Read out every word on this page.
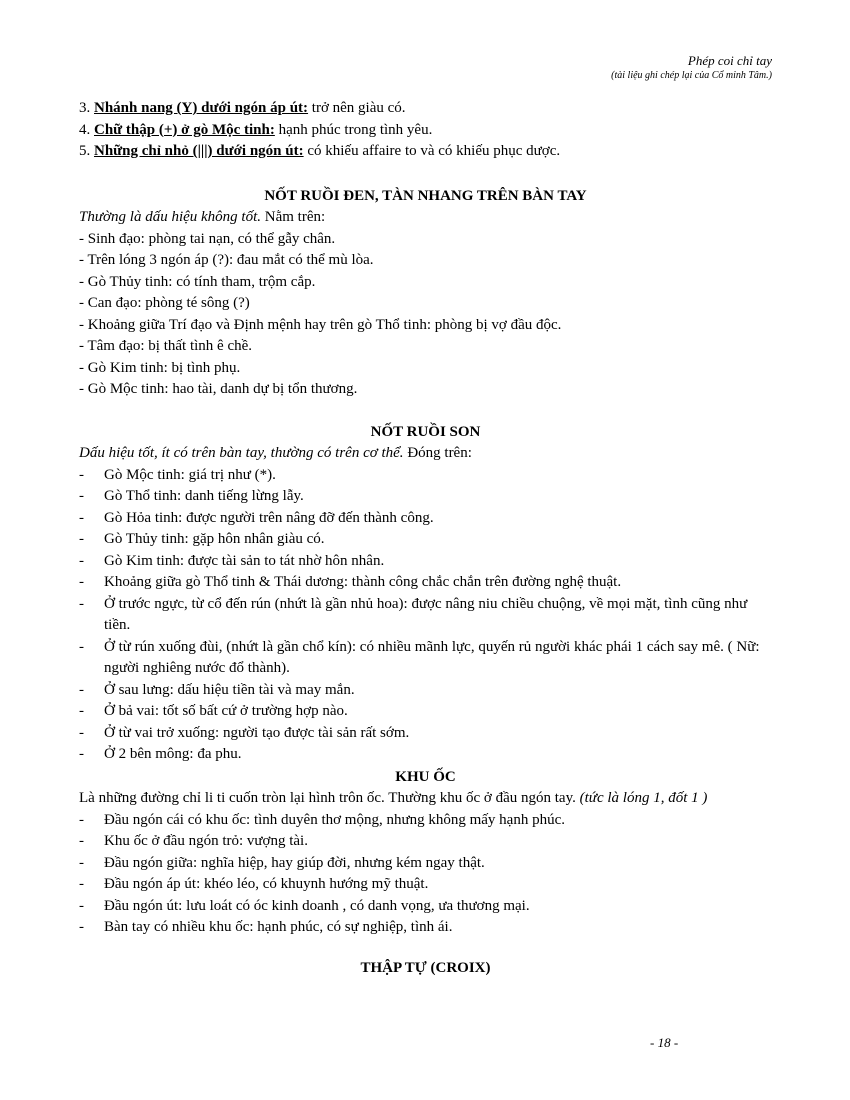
Phép coi chỉ tay
(tài liệu ghi chép lại của Cổ minh Tâm.)

3. Nhánh nang (Y) dưới ngón áp út: trở nên giàu có.

4. Chữ thập (+) ở gò Mộc tinh: hạnh phúc trong tình yêu.

5. Những chỉ nhỏ (|||) dưới ngón út: có khiếu affaire to và có khiếu phục dược.

NỐT RUỒI ĐEN, TÀN NHANG TRÊN BÀN TAY

Thường là dấu hiệu không tốt. Nằm trên:

- Sinh đạo: phòng tai nạn, có thể gẫy chân.
- Trên lóng 3 ngón áp (?): đau mắt có thể mù lòa.
- Gò Thủy tinh: có tính tham, trộm cắp.
- Can đạo: phòng té sông (?)
- Khoảng giữa Trí đạo và Định mệnh hay trên gò Thổ tinh: phòng bị vợ đầu độc.
- Tâm đạo: bị thất tình ê chề.
- Gò Kim tinh: bị tình phụ.
- Gò Mộc tinh: hao tài, danh dự bị tổn thương.
NỐT RUỒI SON

Dấu hiệu tốt, ít có trên bàn tay, thường có trên cơ thể. Đóng trên:

- Gò Mộc tinh: giá trị như (*).
- Gò Thổ tinh: danh tiếng lừng lẫy.
- Gò Hỏa tinh: được người trên nâng đỡ đến thành công.
- Gò Thủy tinh: gặp hôn nhân giàu có.
- Gò Kim tinh: được tài sản to tát nhờ hôn nhân.
- Khoảng giữa gò Thổ tinh & Thái dương: thành công chắc chắn trên đường nghệ thuật.
- Ở trước ngực, từ cổ đến rún (nhứt là gần nhủ hoa): được nâng niu chiều chuộng, về mọi mặt, tình cũng như tiền.
- Ở từ rún xuống đùi, (nhứt là gần chổ kín): có nhiều mãnh lực, quyến rủ người khác phái 1 cách say mê. ( Nữ: người nghiêng nước đổ thành).
- Ở sau lưng: dấu hiệu tiền tài và may mắn.
- Ở bả vai: tốt số bất cứ ở trường hợp nào.
- Ở từ vai trở xuống: người tạo được tài sản rất sớm.
- Ở 2 bên mông: đa phu.
KHU ỐC

Là những đường chỉ li ti cuốn tròn lại hình trôn ốc. Thường khu ốc ở đầu ngón tay. (tức là lóng 1, đốt 1 )

- Đầu ngón cái có khu ốc: tình duyên thơ mộng, nhưng không mấy hạnh phúc.
- Khu ốc ở đầu ngón trỏ: vượng tài.
- Đầu ngón giữa: nghĩa hiệp, hay giúp đời, nhưng kém ngay thật.
- Đầu ngón áp út: khéo léo, có khuynh hướng mỹ thuật.
- Đầu ngón út: lưu loát có óc kinh doanh , có danh vọng, ưa thương mại.
- Bàn tay có nhiều khu ốc: hạnh phúc, có sự nghiệp, tình ái.
THẬP TỰ (CROIX)
- 18 -
